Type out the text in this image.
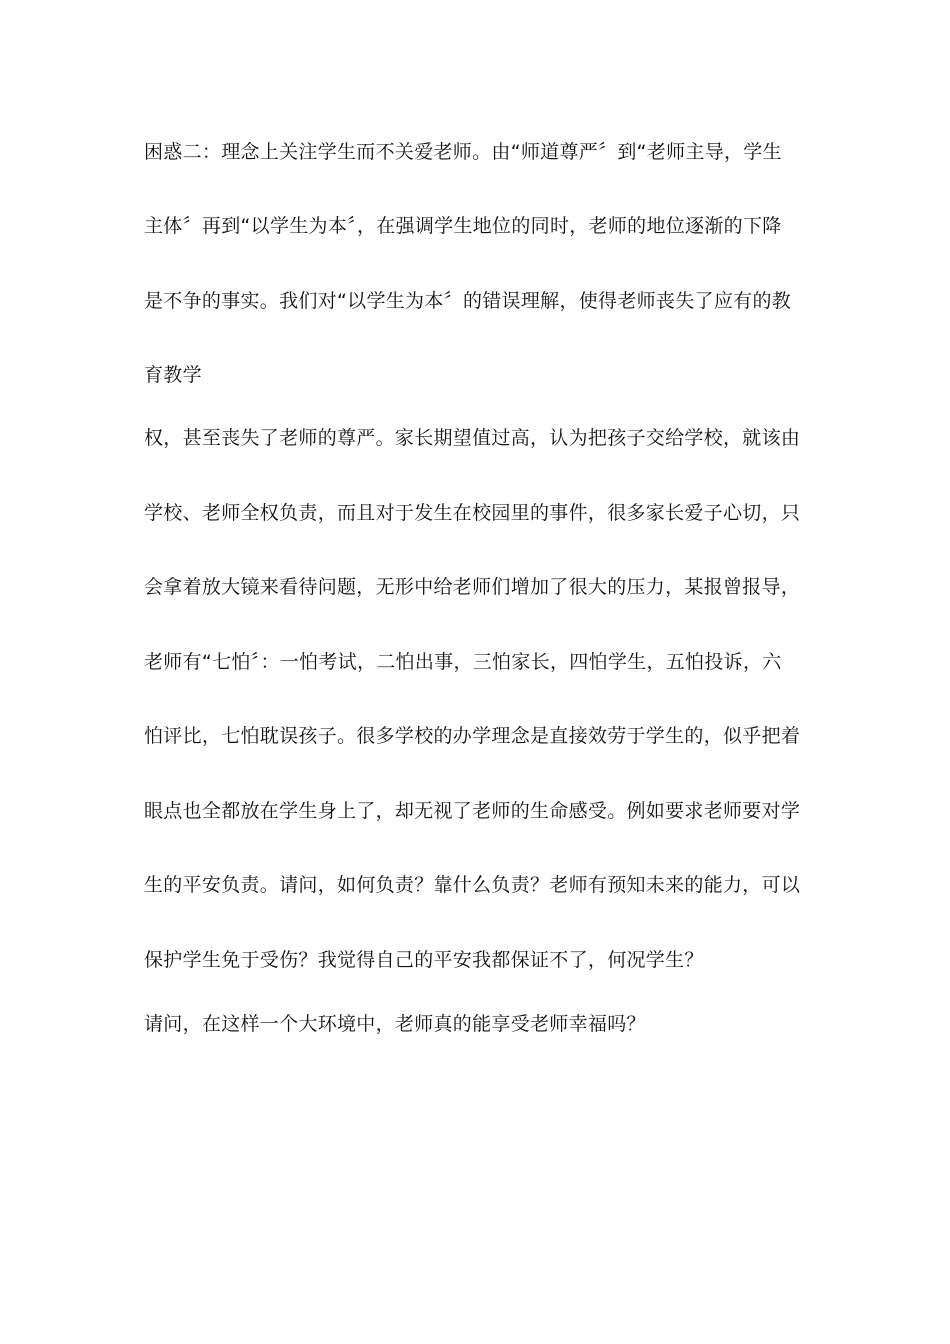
困惑二：理念上关注学生而不关爱老师。由“师道尊严〞到“老师主导，学生
主体〞再到“以学生为本〞，在强调学生地位的同时，老师的地位逐渐的下降
是不争的事实。我们对“以学生为本〞的错误理解，使得老师丧失了应有的教
育教学
权，甚至丧失了老师的尊严。家长期望值过高，认为把孩子交给学校，就该由
学校、老师全权负责，而且对于发生在校园里的事件，很多家长爱子心切，只
会拿着放大镜来看待问题，无形中给老师们增加了很大的压力，某报曾报导，
老师有“七怕〞：一怕考试，二怕出事，三怕家长，四怕学生，五怕投诉，六
怕评比，七怕耽误孩子。很多学校的办学理念是直接效劳于学生的，似乎把着
眼点也全都放在学生身上了，却无视了老师的生命感受。例如要求老师要对学
生的平安负责。请问，如何负责？靠什么负责？老师有预知未来的能力，可以
保护学生免于受伤？我觉得自己的平安我都保证不了，何况学生？
请问，在这样一个大环境中，老师真的能享受老师幸福吗？
